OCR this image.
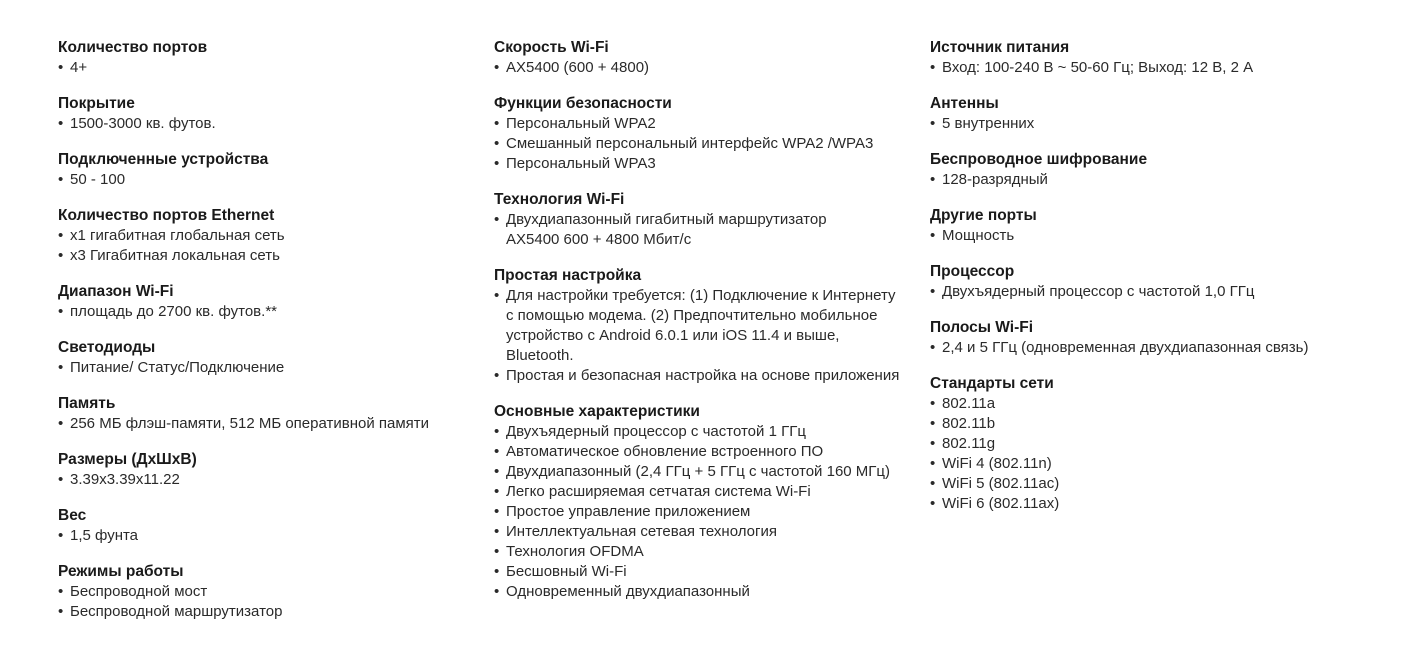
Количество портов
• 4+
Покрытие
• 1500-3000 кв. футов.
Подключенные устройства
• 50 - 100
Количество портов Ethernet
• x1 гигабитная глобальная сеть
• x3 Гигабитная локальная сеть
Диапазон Wi-Fi
• площадь до 2700 кв. футов.**
Светодиоды
• Питание/ Статус/Подключение
Память
• 256 МБ флэш-памяти, 512 МБ оперативной памяти
Размеры (ДхШхВ)
• 3.39x3.39x11.22
Вес
• 1,5 фунта
Режимы работы
• Беспроводной мост
• Беспроводной маршрутизатор
Скорость Wi-Fi
• AX5400 (600 + 4800)
Функции безопасности
• Персональный WPA2
• Смешанный персональный интерфейс WPA2 /WPA3
• Персональный WPA3
Технология Wi-Fi
• Двухдиапазонный гигабитный маршрутизатор AX5400 600 + 4800 Мбит/с
Простая настройка
• Для настройки требуется: (1) Подключение к Интернету с помощью модема. (2) Предпочтительно мобильное устройство с Android 6.0.1 или iOS 11.4 и выше, Bluetooth.
• Простая и безопасная настройка на основе приложения
Основные характеристики
• Двухъядерный процессор с частотой 1 ГГц
• Автоматическое обновление встроенного ПО
• Двухдиапазонный (2,4 ГГц + 5 ГГц с частотой 160 МГц)
• Легко расширяемая сетчатая система Wi-Fi
• Простое управление приложением
• Интеллектуальная сетевая технология
• Технология OFDMA
• Бесшовный Wi-Fi
• Одновременный двухдиапазонный
Источник питания
• Вход: 100-240 В ~ 50-60 Гц; Выход: 12 В, 2 А
Антенны
• 5 внутренних
Беспроводное шифрование
• 128-разрядный
Другие порты
• Мощность
Процессор
• Двухъядерный процессор с частотой 1,0 ГГц
Полосы Wi-Fi
• 2,4 и 5 ГГц (одновременная двухдиапазонная связь)
Стандарты сети
• 802.11a
• 802.11b
• 802.11g
• WiFi 4 (802.11n)
• WiFi 5 (802.11ac)
• WiFi 6 (802.11ax)
